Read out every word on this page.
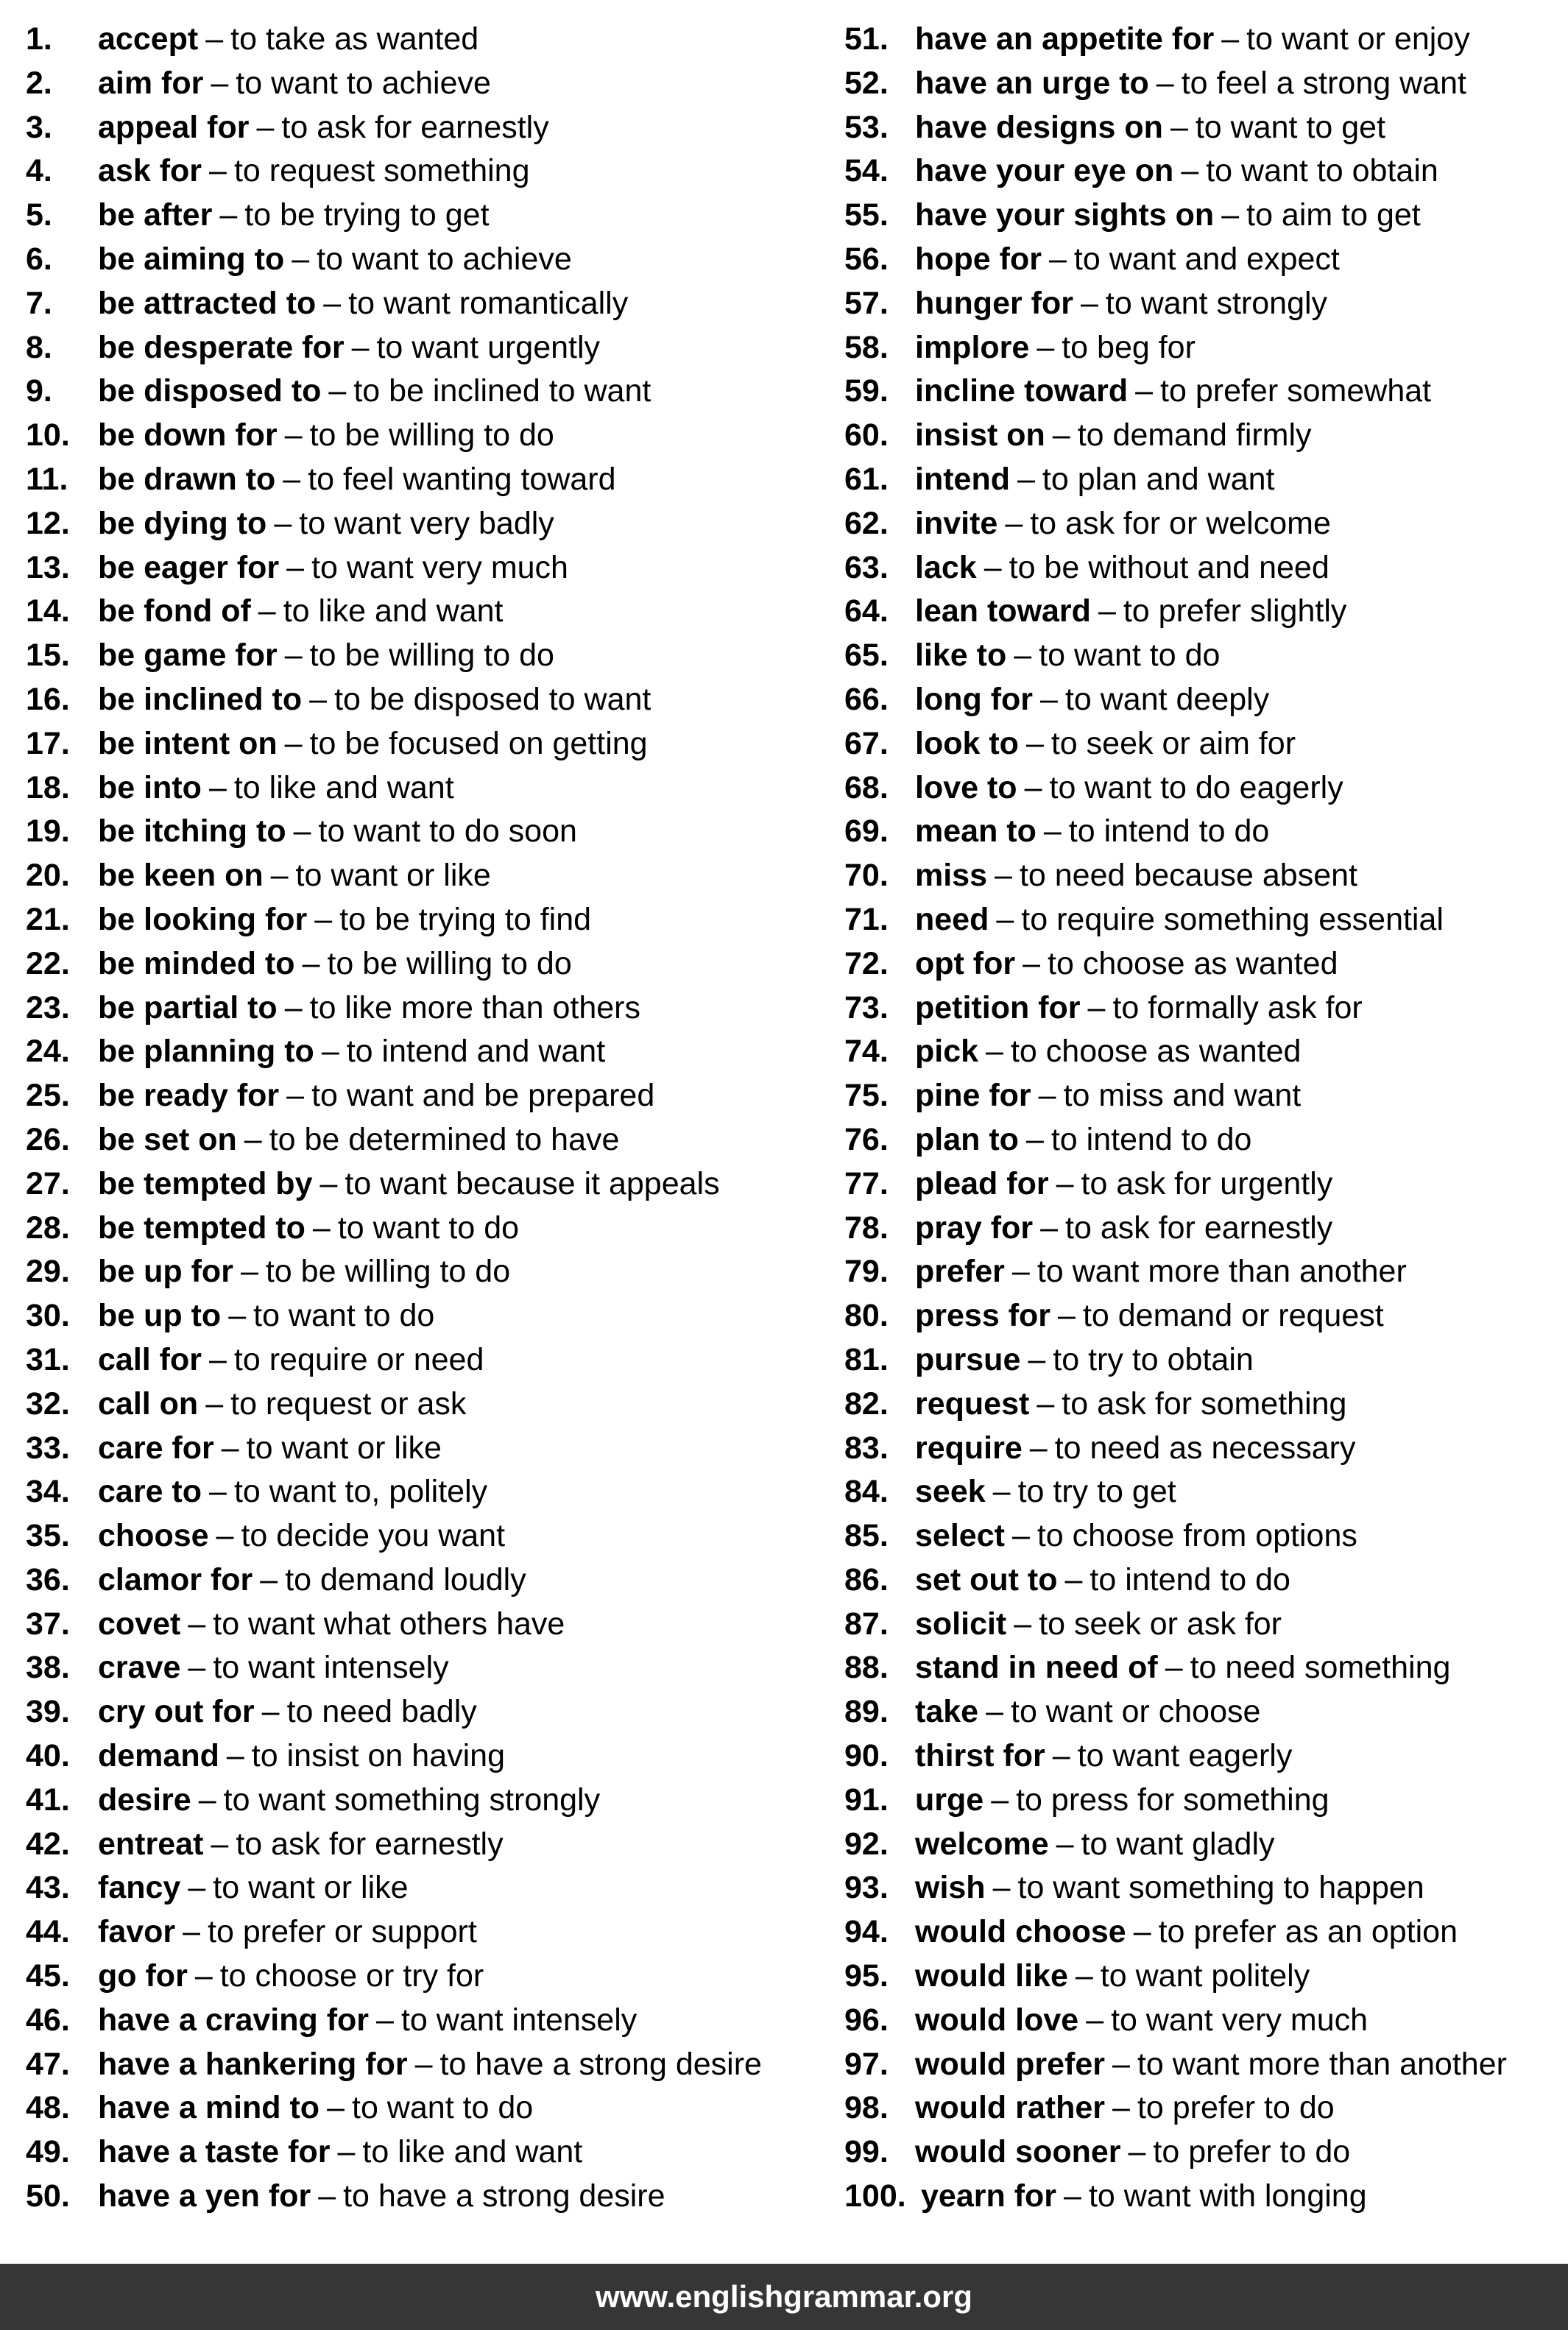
1.	accept – to take as wanted
2.	aim for – to want to achieve
3.	appeal for – to ask for earnestly
4.	ask for – to request something
5.	be after – to be trying to get
6.	be aiming to – to want to achieve
7.	be attracted to – to want romantically
8.	be desperate for – to want urgently
9.	be disposed to – to be inclined to want
10. be down for – to be willing to do
11. be drawn to – to feel wanting toward
12. be dying to – to want very badly
13. be eager for – to want very much
14. be fond of – to like and want
15. be game for – to be willing to do
16. be inclined to – to be disposed to want
17. be intent on – to be focused on getting
18. be into – to like and want
19. be itching to – to want to do soon
20. be keen on – to want or like
21. be looking for – to be trying to find
22. be minded to – to be willing to do
23. be partial to – to like more than others
24. be planning to – to intend and want
25. be ready for – to want and be prepared
26. be set on – to be determined to have
27. be tempted by – to want because it appeals
28. be tempted to – to want to do
29. be up for – to be willing to do
30. be up to – to want to do
31. call for – to require or need
32. call on – to request or ask
33. care for – to want or like
34. care to – to want to, politely
35. choose – to decide you want
36. clamor for – to demand loudly
37. covet – to want what others have
38. crave – to want intensely
39. cry out for – to need badly
40. demand – to insist on having
41. desire – to want something strongly
42. entreat – to ask for earnestly
43. fancy – to want or like
44. favor – to prefer or support
45. go for – to choose or try for
46. have a craving for – to want intensely
47. have a hankering for – to have a strong desire
48. have a mind to – to want to do
49. have a taste for – to like and want
50. have a yen for – to have a strong desire
51. have an appetite for – to want or enjoy
52. have an urge to – to feel a strong want
53. have designs on – to want to get
54. have your eye on – to want to obtain
55. have your sights on – to aim to get
56. hope for – to want and expect
57. hunger for – to want strongly
58. implore – to beg for
59. incline toward – to prefer somewhat
60. insist on – to demand firmly
61. intend – to plan and want
62. invite – to ask for or welcome
63. lack – to be without and need
64. lean toward – to prefer slightly
65. like to – to want to do
66. long for – to want deeply
67. look to – to seek or aim for
68. love to – to want to do eagerly
69. mean to – to intend to do
70. miss – to need because absent
71. need – to require something essential
72. opt for – to choose as wanted
73. petition for – to formally ask for
74. pick – to choose as wanted
75. pine for – to miss and want
76. plan to – to intend to do
77. plead for – to ask for urgently
78. pray for – to ask for earnestly
79. prefer – to want more than another
80. press for – to demand or request
81. pursue – to try to obtain
82. request – to ask for something
83. require – to need as necessary
84. seek – to try to get
85. select – to choose from options
86. set out to – to intend to do
87. solicit – to seek or ask for
88. stand in need of – to need something
89. take – to want or choose
90. thirst for – to want eagerly
91. urge – to press for something
92. welcome – to want gladly
93. wish – to want something to happen
94. would choose – to prefer as an option
95. would like – to want politely
96. would love – to want very much
97. would prefer – to want more than another
98. would rather – to prefer to do
99. would sooner – to prefer to do
100. yearn for – to want with longing
www.englishgrammar.org
